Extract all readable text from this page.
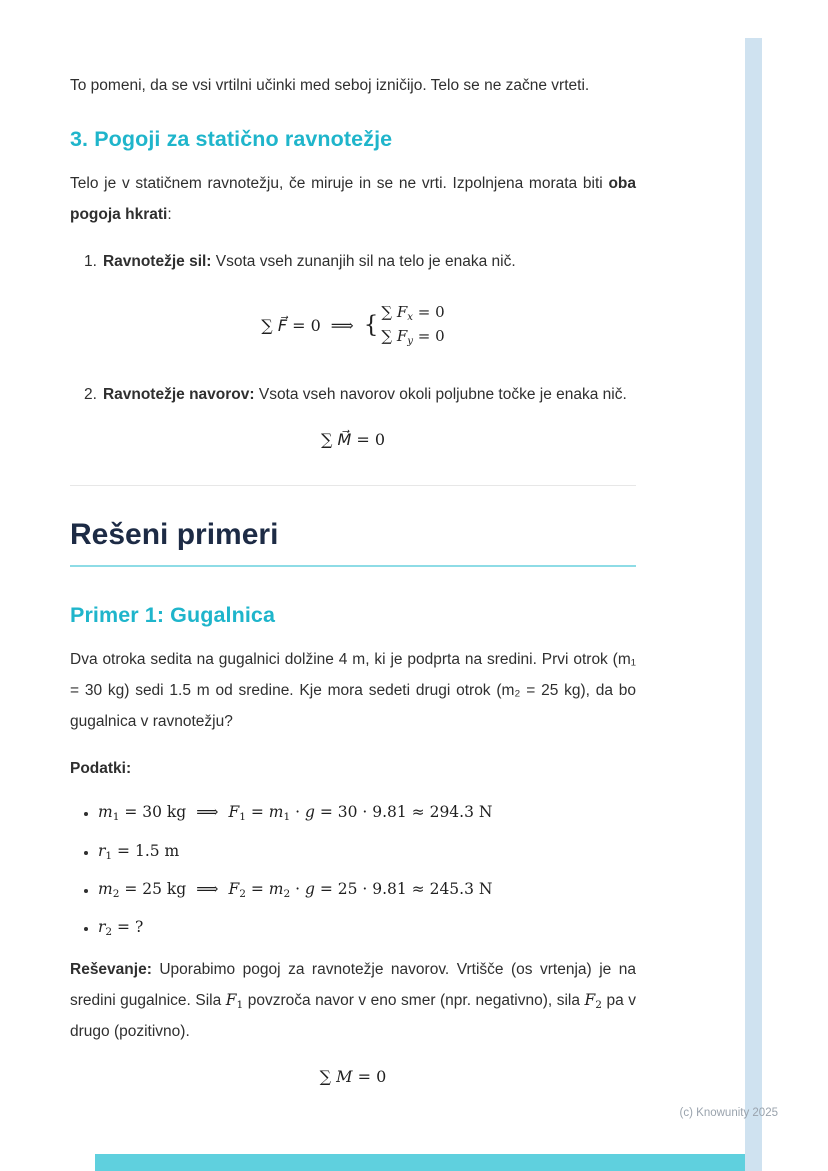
(c) Knowunity 2025

To pomeni, da se vsi vrtilni učinki med seboj izničijo. Telo se ne začne vrteti.

3. Pogoji za statično ravnotežje

Telo je v statičnem ravnotežju, če miruje in se ne vrti. Izpolnjena morata biti oba pogoja hkrati:

1. Ravnotežje sil: Vsota vseh zunanjih sil na telo je enaka nič.
∑ F⃗ = 0 ⟹ {
∑ Fx = 0
∑ Fy = 0
2. Ravnotežje navorov: Vsota vseh navorov okoli poljubne točke je enaka nič.
∑ M⃗ = 0
Rešeni primeri
Primer 1: Gugalnica

Dva otroka sedita na gugalnici dolžine 4 m, ki je podprta na sredini. Prvi otrok (m₁ = 30 kg) sedi 1.5 m od sredine. Kje mora sedeti drugi otrok (m₂ = 25 kg), da bo gugalnica v ravnotežju?

Podatki:

• m1 = 30 kg ⟹ F1 = m1 · g = 30 · 9.81 ≈ 294.3 N
• r1 = 1.5 m
• m2 = 25 kg ⟹ F2 = m2 · g = 25 · 9.81 ≈ 245.3 N
• r2 = ?

Reševanje: Uporabimo pogoj za ravnotežje navorov. Vrtišče (os vrtenja) je na sredini gugalnice. Sila F1 povzroča navor v eno smer (npr. negativno), sila F2 pa v drugo (pozitivno).

∑ M = 0
